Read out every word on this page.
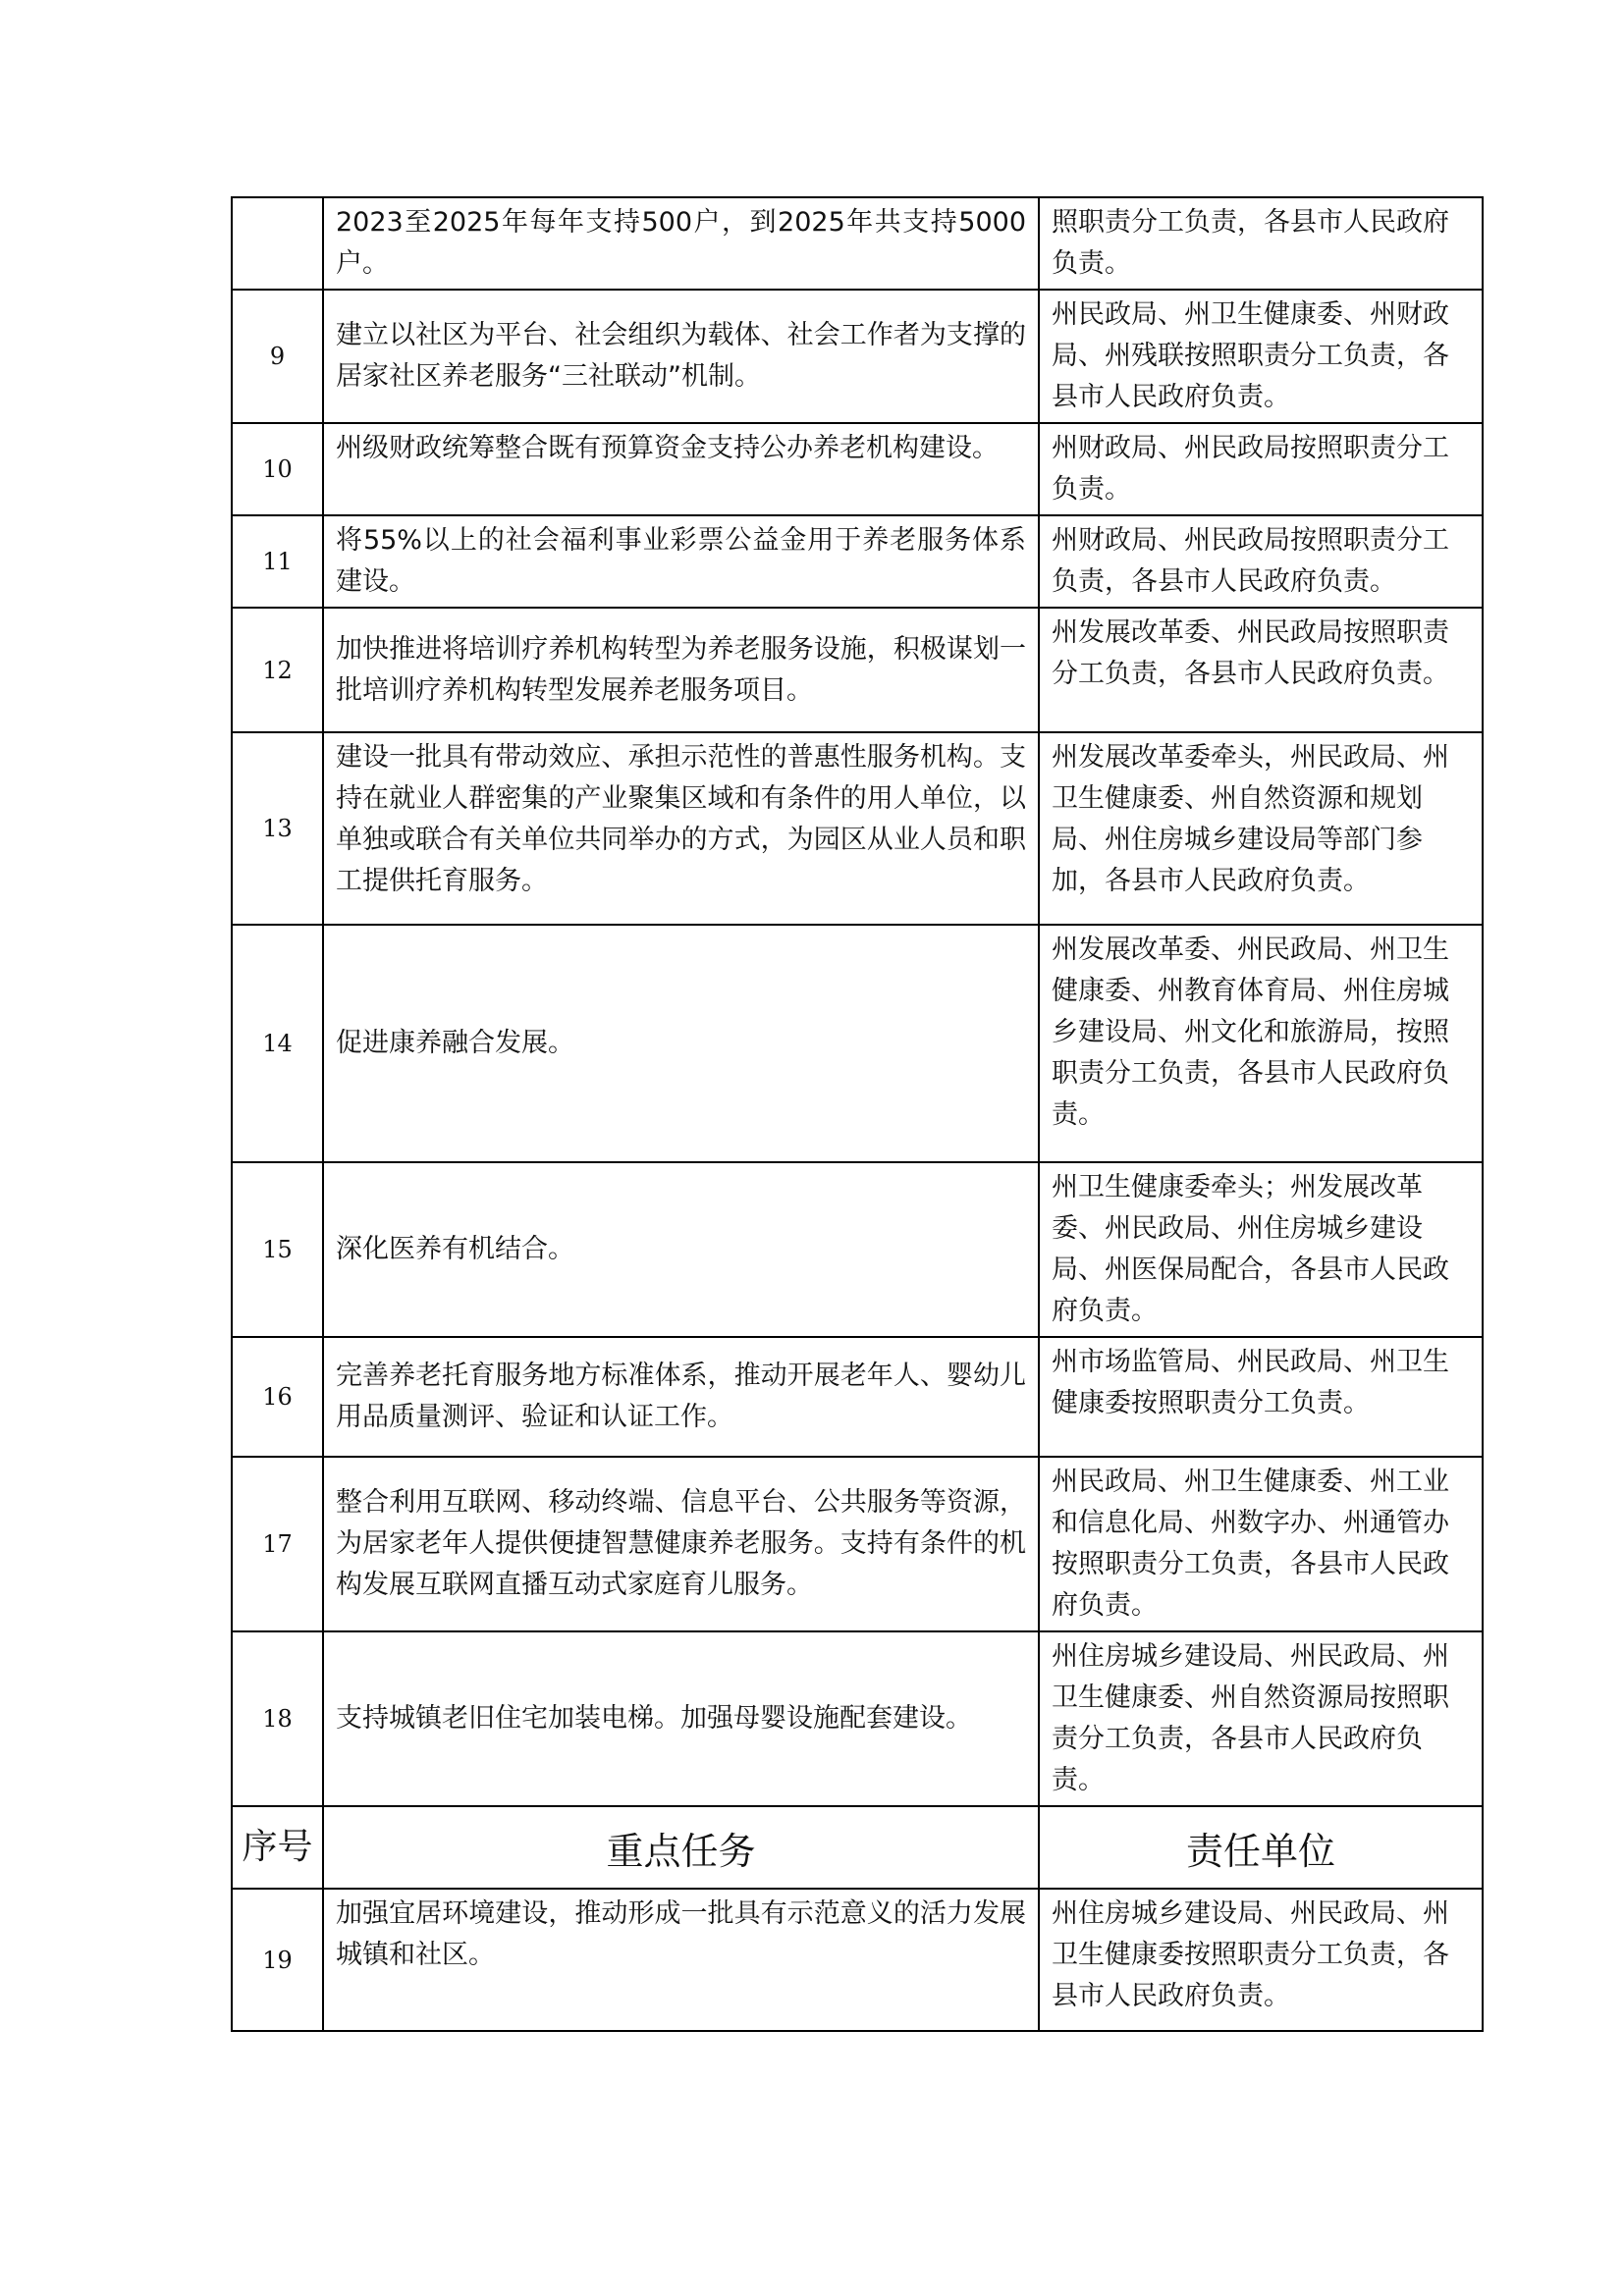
	2023至2025年每年支持500户，到2025年共支持5000户。	照职责分工负责，各县市人民政府负责。
9	建立以社区为平台、社会组织为载体、社会工作者为支撑的居家社区养老服务“三社联动”机制。	州民政局、州卫生健康委、州财政局、州残联按照职责分工负责，各县市人民政府负责。
10	州级财政统筹整合既有预算资金支持公办养老机构建设。	州财政局、州民政局按照职责分工负责。
11	将55%以上的社会福利事业彩票公益金用于养老服务体系建设。	州财政局、州民政局按照职责分工负责，各县市人民政府负责。
12	加快推进将培训疗养机构转型为养老服务设施，积极谋划一批培训疗养机构转型发展养老服务项目。	州发展改革委、州民政局按照职责分工负责，各县市人民政府负责。
13	建设一批具有带动效应、承担示范性的普惠性服务机构。支持在就业人群密集的产业聚集区域和有条件的用人单位，以单独或联合有关单位共同举办的方式，为园区从业人员和职工提供托育服务。	州发展改革委牵头，州民政局、州卫生健康委、州自然资源和规划局、州住房城乡建设局等部门参加，各县市人民政府负责。
14	促进康养融合发展。	州发展改革委、州民政局、州卫生健康委、州教育体育局、州住房城乡建设局、州文化和旅游局，按照职责分工负责，各县市人民政府负责。
15	深化医养有机结合。	州卫生健康委牵头；州发展改革委、州民政局、州住房城乡建设局、州医保局配合，各县市人民政府负责。
16	完善养老托育服务地方标准体系，推动开展老年人、婴幼儿用品质量测评、验证和认证工作。	州市场监管局、州民政局、州卫生健康委按照职责分工负责。
17	整合利用互联网、移动终端、信息平台、公共服务等资源，为居家老年人提供便捷智慧健康养老服务。支持有条件的机构发展互联网直播互动式家庭育儿服务。	州民政局、州卫生健康委、州工业和信息化局、州数字办、州通管办按照职责分工负责，各县市人民政府负责。
18	支持城镇老旧住宅加装电梯。加强母婴设施配套建设。	州住房城乡建设局、州民政局、州卫生健康委、州自然资源局按照职责分工负责，各县市人民政府负责。
序号	重点任务	责任单位
19	加强宜居环境建设，推动形成一批具有示范意义的活力发展城镇和社区。	州住房城乡建设局、州民政局、州卫生健康委按照职责分工负责，各县市人民政府负责。
